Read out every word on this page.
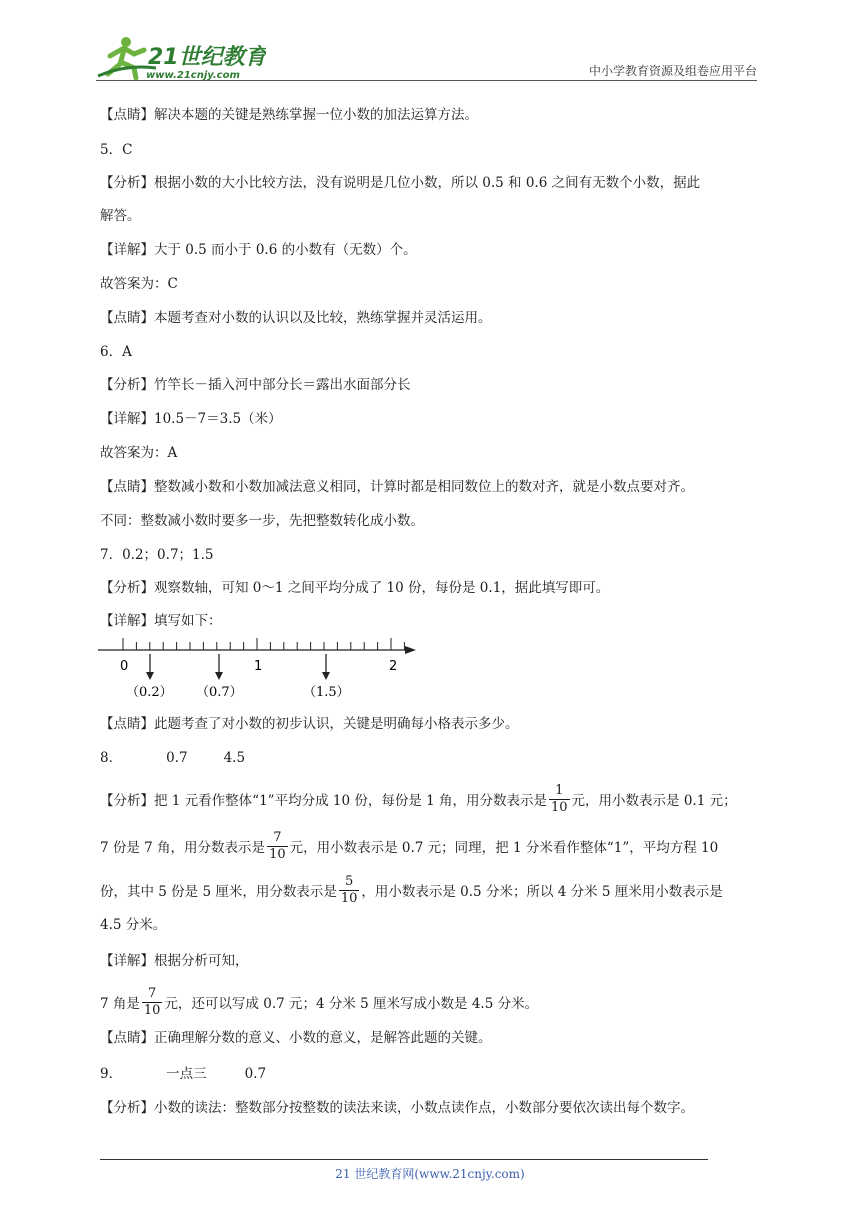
21世纪教育
www.21cnjy.com	中小学教育资源及组卷应用平台
【点睛】解决本题的关键是熟练掌握一位小数的加法运算方法。
5．C
【分析】根据小数的大小比较方法，没有说明是几位小数，所以 0.5 和 0.6 之间有无数个小数，据此
解答。
【详解】大于 0.5 而小于 0.6 的小数有（无数）个。
故答案为：C
【点睛】本题考查对小数的认识以及比较，熟练掌握并灵活运用。
6．A
【分析】竹竿长－插入河中部分长＝露出水面部分长
【详解】10.5－7＝3.5（米）
故答案为：A
【点睛】整数减小数和小数加减法意义相同，计算时都是相同数位上的数对齐，就是小数点要对齐。
不同：整数减小数时要多一步，先把整数转化成小数。
7．0.2；0.7；1.5
【分析】观察数轴，可知 0～1 之间平均分成了 10 份，每份是 0.1，据此填写即可。
【详解】填写如下：
0	1	2
（0.2） （0.7）	（1.5）
【点睛】此题考查了对小数的初步认识，关键是明确每小格表示多少。
8．	0.7	4.5
【分析】把 1 元看作整体“1”平均分成 10 份，每份是 1 角，用分数表示是 $\frac{1}{10}$ 元，用小数表示是 0.1 元；
7 份是 7 角，用分数表示是 $\frac{7}{10}$ 元，用小数表示是 0.7 元；同理，把 1 分米看作整体“1”，平均方程 10
份，其中 5 份是 5 厘米，用分数表示是 $\frac{5}{10}$ ，用小数表示是 0.5 分米；所以 4 分米 5 厘米用小数表示是
4.5 分米。
【详解】根据分析可知，
7 角是 $\frac{7}{10}$ 元，还可以写成 0.7 元；4 分米 5 厘米写成小数是 4.5 分米。
【点睛】正确理解分数的意义、小数的意义，是解答此题的关键。
9．	一点三	0.7
【分析】小数的读法：整数部分按整数的读法来读，小数点读作点，小数部分要依次读出每个数字。
21 世纪教育网(www.21cnjy.com)
